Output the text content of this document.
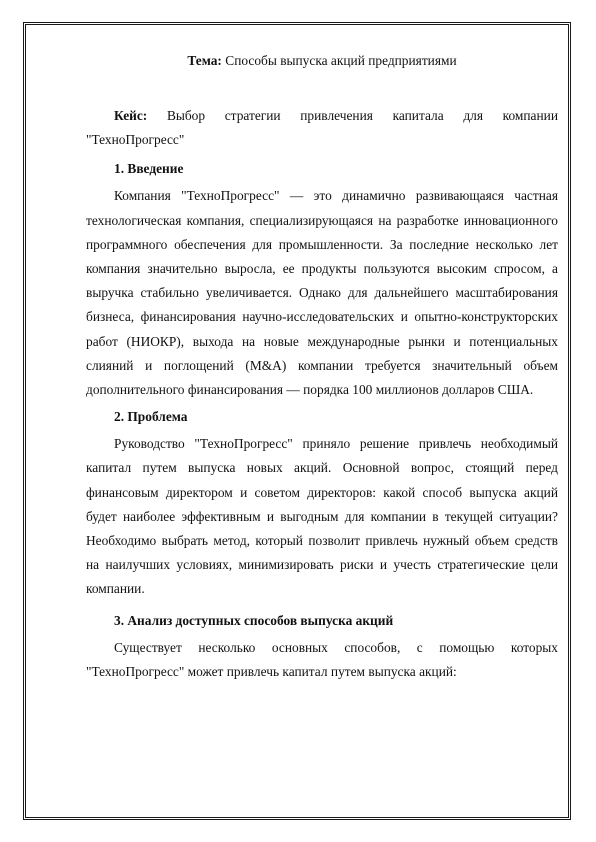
Тема: Способы выпуска акций предприятиями

Кейс: Выбор стратегии привлечения капитала для компании "ТехноПрогресс"

1. Введение

Компания "ТехноПрогресс" — это динамично развивающаяся частная технологическая компания, специализирующаяся на разработке инновационного программного обеспечения для промышленности. За последние несколько лет компания значительно выросла, ее продукты пользуются высоким спросом, а выручка стабильно увеличивается. Однако для дальнейшего масштабирования бизнеса, финансирования научно-исследовательских и опытно-конструкторских работ (НИОКР), выхода на новые международные рынки и потенциальных слияний и поглощений (M&A) компании требуется значительный объем дополнительного финансирования — порядка 100 миллионов долларов США.

2. Проблема

Руководство "ТехноПрогресс" приняло решение привлечь необходимый капитал путем выпуска новых акций. Основной вопрос, стоящий перед финансовым директором и советом директоров: какой способ выпуска акций будет наиболее эффективным и выгодным для компании в текущей ситуации? Необходимо выбрать метод, который позволит привлечь нужный объем средств на наилучших условиях, минимизировать риски и учесть стратегические цели компании.

3. Анализ доступных способов выпуска акций

Существует несколько основных способов, с помощью которых "ТехноПрогресс" может привлечь капитал путем выпуска акций:
